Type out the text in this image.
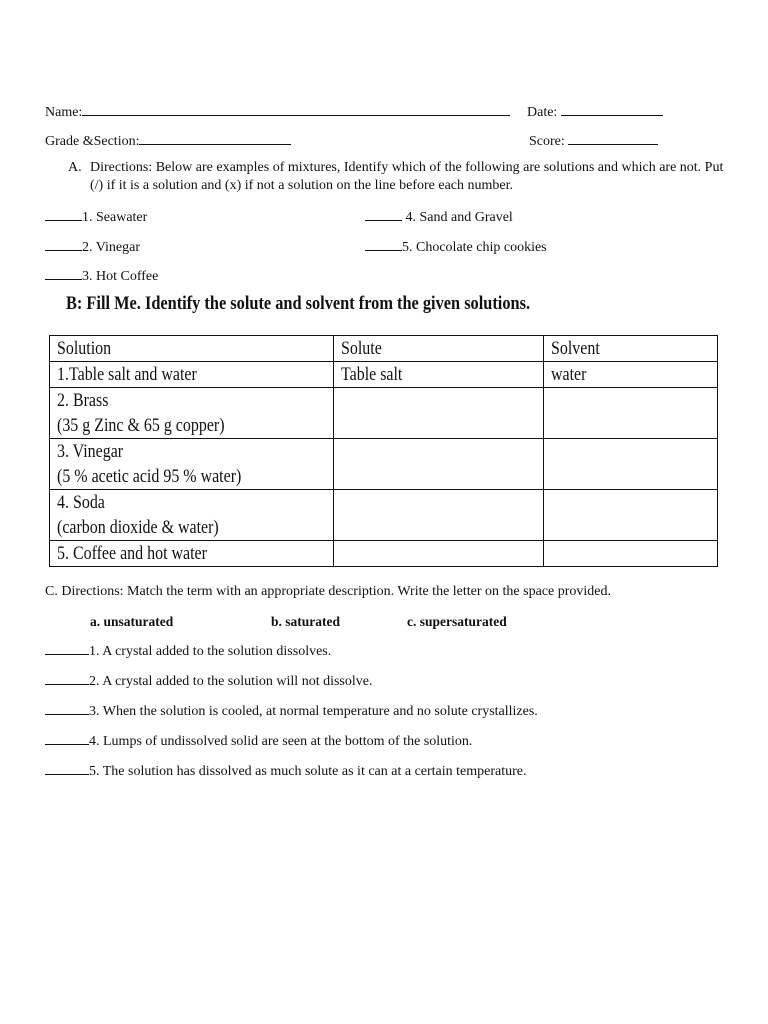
Name:	Date:
Grade &Section:	Score:
A. Directions: Below are examples of mixtures, Identify which of the following are solutions and which are not. Put (/) if it is a solution and (x) if not a solution on the line before each number.
1. Seawater
2. Vinegar
3. Hot Coffee
4. Sand and Gravel
5. Chocolate chip cookies
B: Fill Me. Identify the solute and solvent from the given solutions.
Solution	Solute	Solvent

1.Table salt and water	Table salt	water

2. Brass
(35 g Zinc & 65 g copper)		

3. Vinegar
(5 % acetic acid 95 % water)		

4. Soda
(carbon dioxide & water)		

5. Coffee and hot water		

C. Directions: Match the term with an appropriate description. Write the letter on the space provided.
a. unsaturated	b. saturated	c. supersaturated
1. A crystal added to the solution dissolves.
2. A crystal added to the solution will not dissolve.
3. When the solution is cooled, at normal temperature and no solute crystallizes.
4. Lumps of undissolved solid are seen at the bottom of the solution.
5. The solution has dissolved as much solute as it can at a certain temperature.
